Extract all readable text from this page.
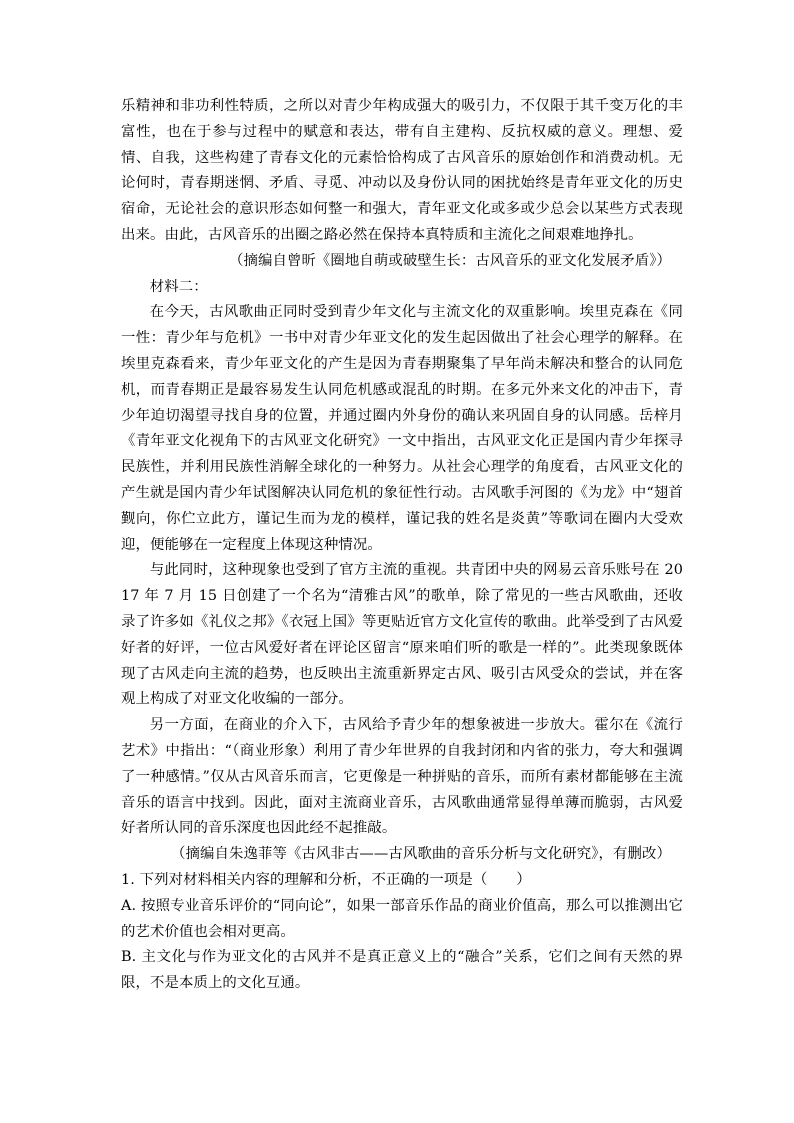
乐精神和非功利性特质，之所以对青少年构成强大的吸引力，不仅限于其千变万化的丰富性，也在于参与过程中的赋意和表达，带有自主建构、反抗权威的意义。理想、爱情、自我，这些构建了青春文化的元素恰恰构成了古风音乐的原始创作和消费动机。无论何时，青春期迷惘、矛盾、寻觅、冲动以及身份认同的困扰始终是青年亚文化的历史宿命，无论社会的意识形态如何整一和强大，青年亚文化或多或少总会以某些方式表现出来。由此，古风音乐的出圈之路必然在保持本真特质和主流化之间艰难地挣扎。

（摘编自曾昕《圈地自萌或破壁生长：古风音乐的亚文化发展矛盾》）

材料二：

在今天，古风歌曲正同时受到青少年文化与主流文化的双重影响。埃里克森在《同一性：青少年与危机》一书中对青少年亚文化的发生起因做出了社会心理学的解释。在埃里克森看来，青少年亚文化的产生是因为青春期聚集了早年尚未解决和整合的认同危机，而青春期正是最容易发生认同危机感或混乱的时期。在多元外来文化的冲击下，青少年迫切渴望寻找自身的位置，并通过圈内外身份的确认来巩固自身的认同感。岳梓月《青年亚文化视角下的古风亚文化研究》一文中指出，古风亚文化正是国内青少年探寻民族性，并利用民族性消解全球化的一种努力。从社会心理学的角度看，古风亚文化的产生就是国内青少年试图解决认同危机的象征性行动。古风歌手河图的《为龙》中“翅首觐向，你伫立此方，谨记生而为龙的模样，谨记我的姓名是炎黄”等歌词在圈内大受欢迎，便能够在一定程度上体现这种情况。

与此同时，这种现象也受到了官方主流的重视。共青团中央的网易云音乐账号在 2017 年 7 月 15 日创建了一个名为“清雅古风”的歌单，除了常见的一些古风歌曲，还收录了许多如《礼仪之邦》《衣冠上国》等更贴近官方文化宣传的歌曲。此举受到了古风爱好者的好评，一位古风爱好者在评论区留言“原来咱们听的歌是一样的”。此类现象既体现了古风走向主流的趋势，也反映出主流重新界定古风、吸引古风受众的尝试，并在客观上构成了对亚文化收编的一部分。

另一方面，在商业的介入下，古风给予青少年的想象被进一步放大。霍尔在《流行艺术》中指出：“（商业形象）利用了青少年世界的自我封闭和内省的张力，夸大和强调了一种感情。”仅从古风音乐而言，它更像是一种拼贴的音乐，而所有素材都能够在主流音乐的语言中找到。因此，面对主流商业音乐，古风歌曲通常显得单薄而脆弱，古风爱好者所认同的音乐深度也因此经不起推敲。

（摘编自朱逸菲等《古风非古——古风歌曲的音乐分析与文化研究》，有删改）

1. 下列对材料相关内容的理解和分析，不正确的一项是（　　）

A. 按照专业音乐评价的“同向论”，如果一部音乐作品的商业价值高，那么可以推测出它的艺术价值也会相对更高。

B. 主文化与作为亚文化的古风并不是真正意义上的“融合”关系，它们之间有天然的界限，不是本质上的文化互通。
